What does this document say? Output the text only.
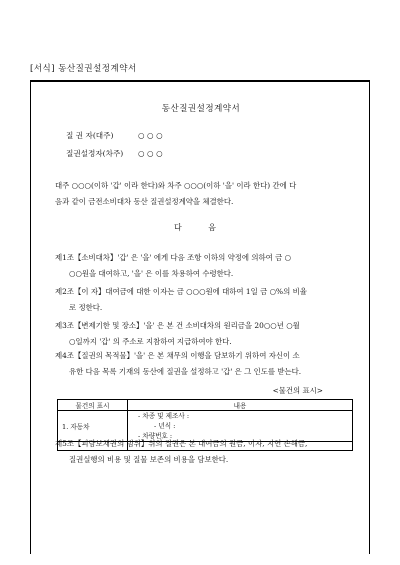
[서식] 동산질권설정계약서
동산질권설정계약서
질 권 자(대주)	○ ○ ○
질권설정자(차주) ○ ○ ○
대주 ○○○(이하 '갑' 이라 한다)와 차주 ○○○(이하 '을' 이라 한다) 간에 다
음과 같이 금전소비대차 동산 질권설정계약을 체결한다.
다 음
제1조【소비대차】'갑' 은 '을' 에게 다음 조항 이하의 약정에 의하여 금 ○
○○원을 대여하고, '을' 은 이를 차용하여 수령한다.
제2조【이 자】대여금에 대한 이자는 금 ○○○원에 대하여 1일 금 ○%의 비율
로 정한다.
제3조【변제기한 및 장소】'을' 은 본 건 소비대차의 원리금을 20○○년 ○월
○일까지 '갑' 의 주소로 지참하여 지급하여야 한다.
제4조【질권의 목적물】'을' 은 본 채무의 이행을 담보하기 위하여 자신이 소
유한 다음 목록 기재의 동산에 질권을 설정하고 '갑' 은 그 인도를 받는다.
<물건의 표시>
물건의 표시	내용
1. 자동차	- 차종 및 제조사 :
- 년식 :
- 차량번호 :

제5조【피담보채권의 범위】위의 질권은 본 대여금의 원금, 이자, 지연 손해금,
질권실행의 비용 및 질물 보존의 비용을 담보한다.
